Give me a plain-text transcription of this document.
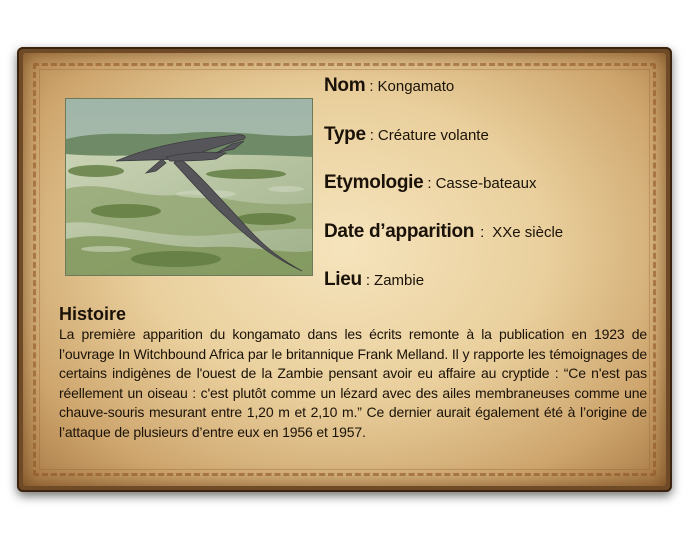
Nom : Kongamato
Type : Créature volante
Etymologie : Casse-bateaux
Date d’apparition : XXe siècle
Lieu : Zambie
Histoire

La première apparition du kongamato dans les écrits remonte à la publication en 1923 de l’ouvrage In Witchbound Africa par le britannique Frank Melland. Il y rapporte les témoignages de certains indigènes de l'ouest de la Zambie pensant avoir eu affaire au cryptide : “Ce n'est pas réellement un oiseau : c'est plutôt comme un lézard avec des ailes membraneuses comme une chauve-souris mesurant entre 1,20 m et 2,10 m.” Ce dernier aurait également été à l’origine de l’attaque de plusieurs d’entre eux en 1956 et 1957.
